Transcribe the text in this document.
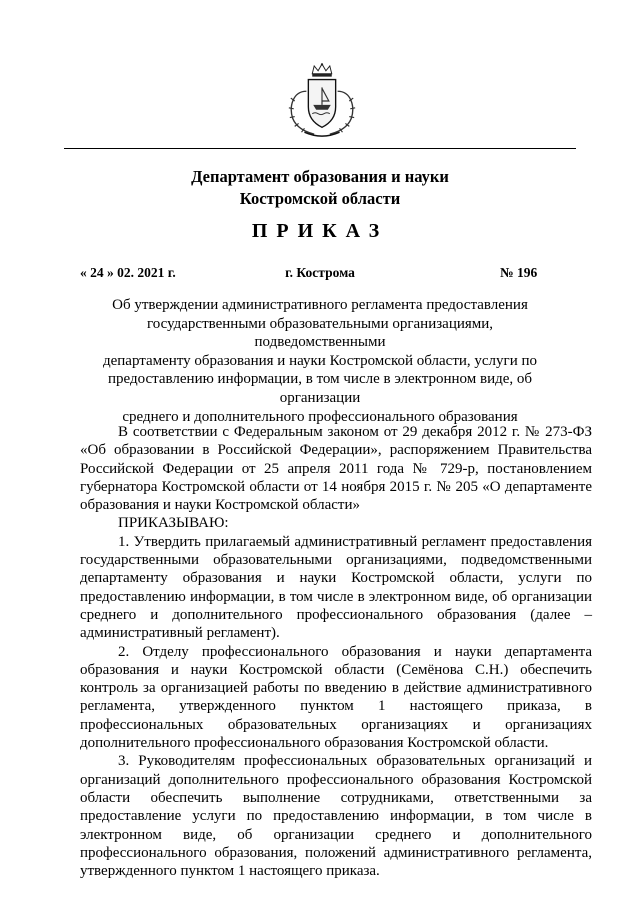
Департамент образования и науки
Костромской области
ПРИКАЗ
« 24 » 02. 2021 г.	г. Кострома	№ 196
Об утверждении административного регламента предоставления
государственными образовательными организациями, подведомственными
департаменту образования и науки Костромской области, услуги по
предоставлению информации, в том числе в электронном виде, об организации
среднего и дополнительного профессионального образования

В соответствии с Федеральным законом от 29 декабря 2012 г. № 273-ФЗ «Об образовании в Российской Федерации», распоряжением Правительства Российской Федерации от 25 апреля 2011 года № 729-р, постановлением губернатора Костромской области от 14 ноября 2015 г. № 205 «О департаменте образования и науки Костромской области»

ПРИКАЗЫВАЮ:

1. Утвердить прилагаемый административный регламент предоставления государственными образовательными организациями, подведомственными департаменту образования и науки Костромской области, услуги по предоставлению информации, в том числе в электронном виде, об организации среднего и дополнительного профессионального образования (далее – административный регламент).

2. Отделу профессионального образования и науки департамента образования и науки Костромской области (Семёнова С.Н.) обеспечить контроль за организацией работы по введению в действие административного регламента, утвержденного пунктом 1 настоящего приказа, в профессиональных образовательных организациях и организациях дополнительного профессионального образования Костромской области.

3. Руководителям профессиональных образовательных организаций и организаций дополнительного профессионального образования Костромской области обеспечить выполнение сотрудниками, ответственными за предоставление услуги по предоставлению информации, в том числе в электронном виде, об организации среднего и дополнительного профессионального образования, положений административного регламента, утвержденного пунктом 1 настоящего приказа.
